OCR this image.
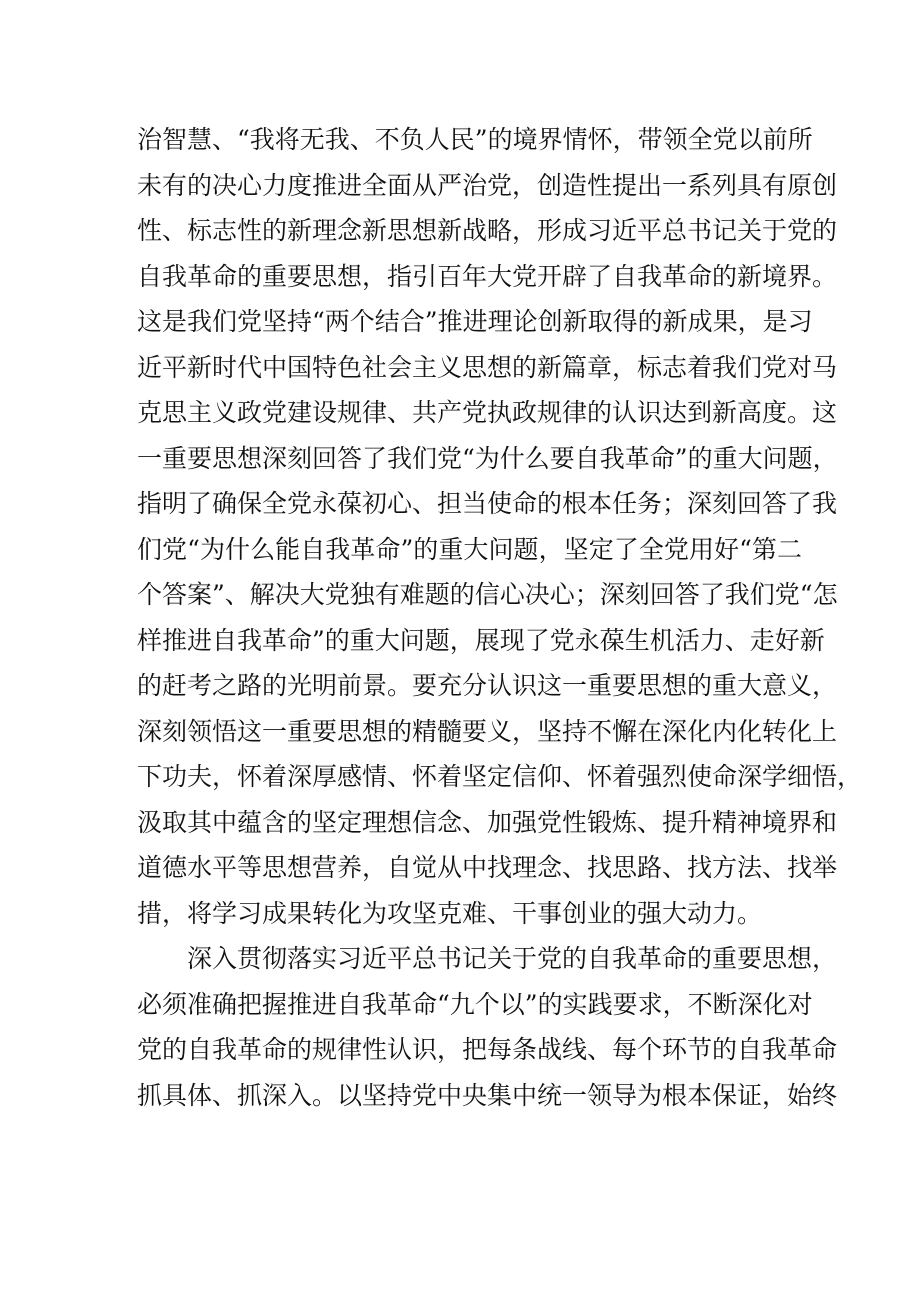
治智慧、“我将无我、不负人民”的境界情怀，带领全党以前所
未有的决心力度推进全面从严治党，创造性提出一系列具有原创
性、标志性的新理念新思想新战略，形成习近平总书记关于党的
自我革命的重要思想，指引百年大党开辟了自我革命的新境界。
这是我们党坚持“两个结合”推进理论创新取得的新成果，是习
近平新时代中国特色社会主义思想的新篇章，标志着我们党对马
克思主义政党建设规律、共产党执政规律的认识达到新高度。这
一重要思想深刻回答了我们党“为什么要自我革命”的重大问题，
指明了确保全党永葆初心、担当使命的根本任务；深刻回答了我
们党“为什么能自我革命”的重大问题，坚定了全党用好“第二
个答案”、解决大党独有难题的信心决心；深刻回答了我们党“怎
样推进自我革命”的重大问题，展现了党永葆生机活力、走好新
的赶考之路的光明前景。要充分认识这一重要思想的重大意义，
深刻领悟这一重要思想的精髓要义，坚持不懈在深化内化转化上
下功夫，怀着深厚感情、怀着坚定信仰、怀着强烈使命深学细悟，
汲取其中蕴含的坚定理想信念、加强党性锻炼、提升精神境界和
道德水平等思想营养，自觉从中找理念、找思路、找方法、找举
措，将学习成果转化为攻坚克难、干事创业的强大动力。
深入贯彻落实习近平总书记关于党的自我革命的重要思想，
必须准确把握推进自我革命“九个以”的实践要求，不断深化对
党的自我革命的规律性认识，把每条战线、每个环节的自我革命
抓具体、抓深入。以坚持党中央集中统一领导为根本保证，始终
